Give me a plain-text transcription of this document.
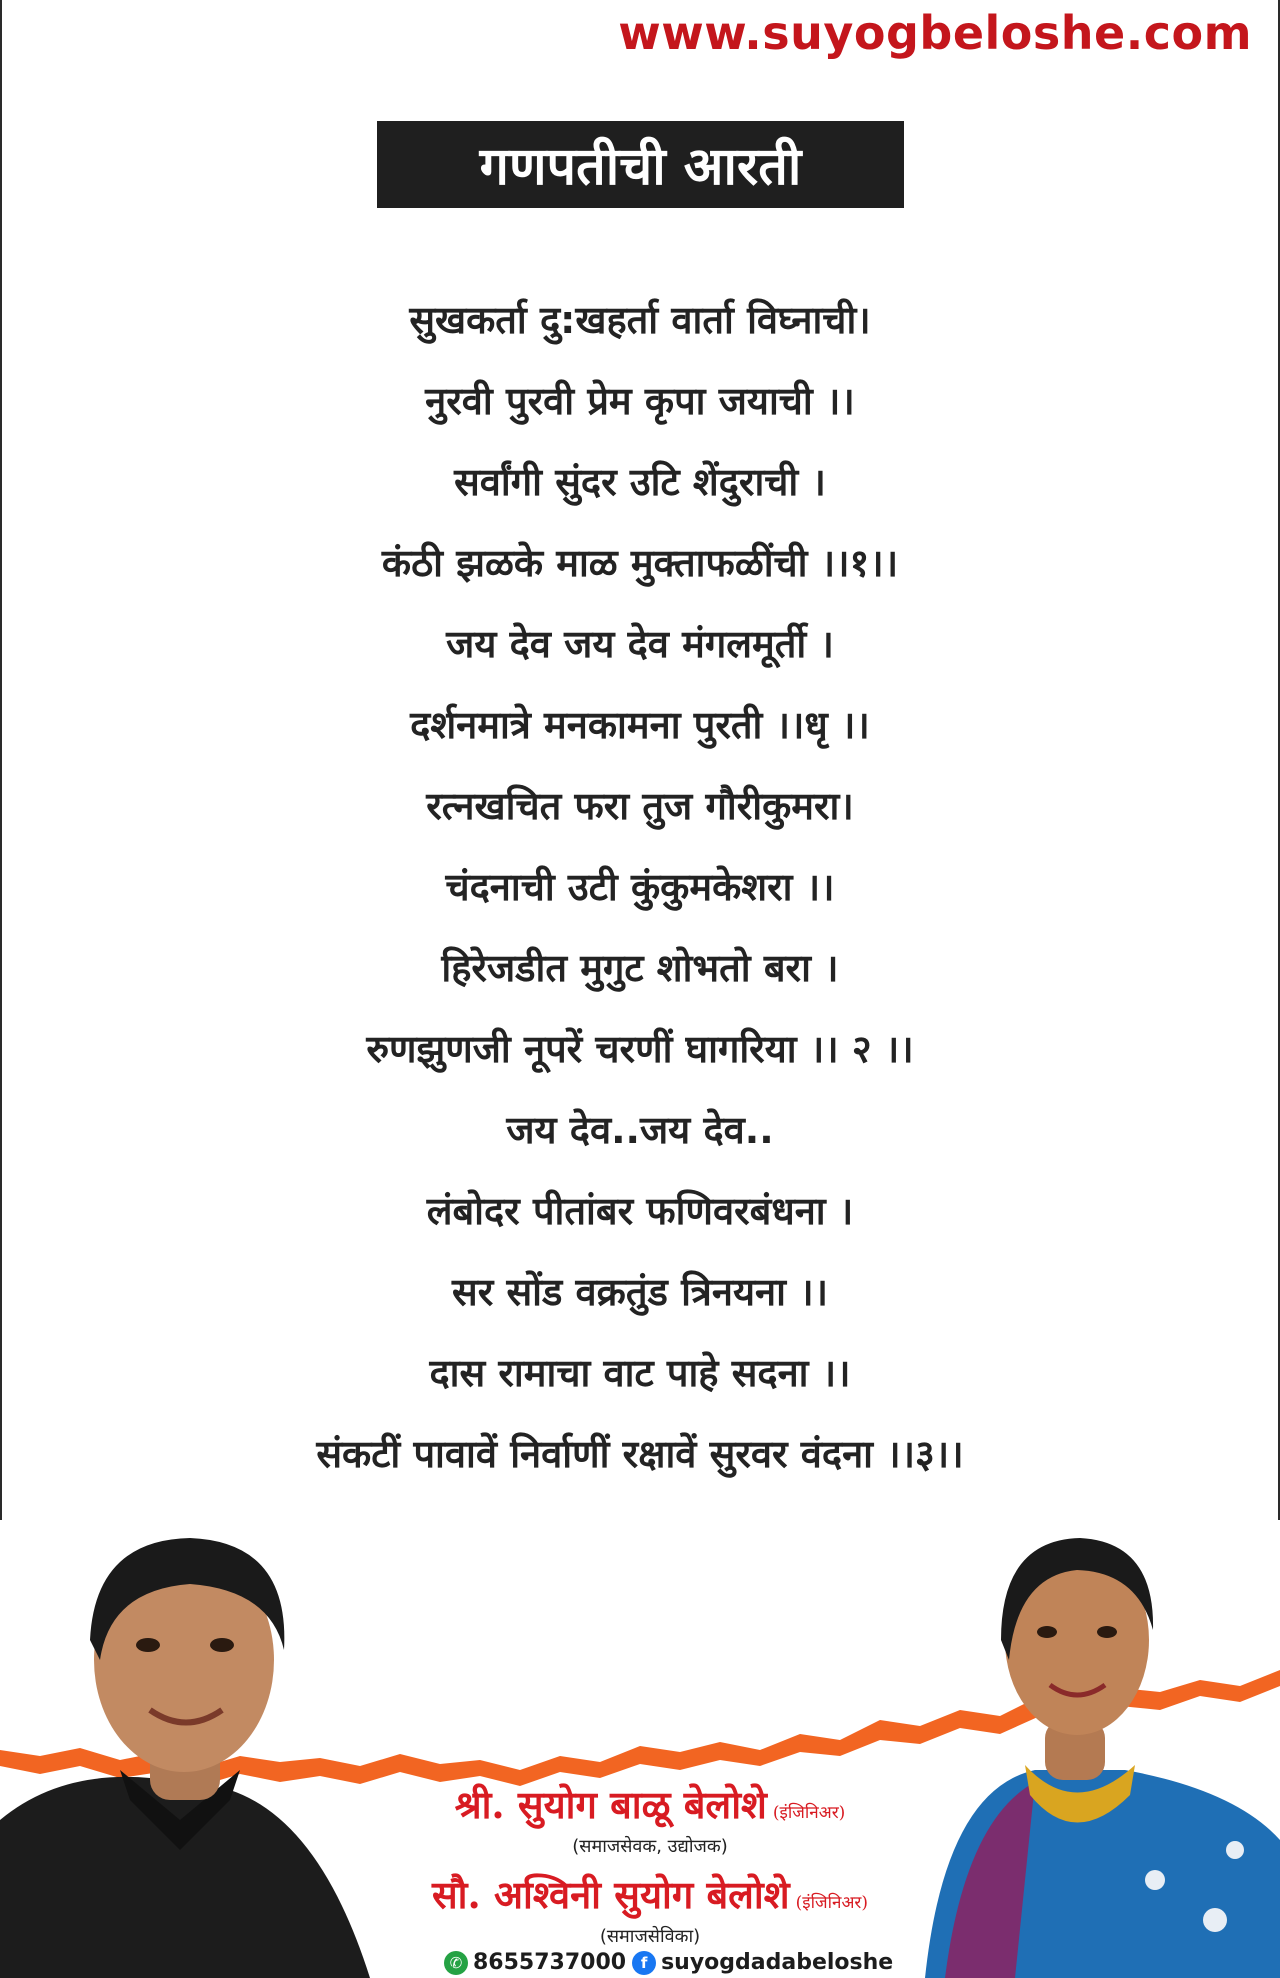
www.suyogbeloshe.com
गणपतीची आरती
सुखकर्ता दु:खहर्ता वार्ता विघ्नाची।
नुरवी पुरवी प्रेम कृपा जयाची ।।
सर्वांगी सुंदर उटि शेंदुराची ।
कंठी झळके माळ मुक्ताफळींची ।।१।।
जय देव जय देव मंगलमूर्ती ।
दर्शनमात्रे मनकामना पुरती ।।धृ ।।
रत्नखचित फरा तुज गौरीकुमरा।
चंदनाची उटी कुंकुमकेशरा ।।
हिरेजडीत मुगुट शोभतो बरा ।
रुणझुणजी नूपरें चरणीं घागरिया ।। २ ।।
जय देव..जय देव..
लंबोदर पीतांबर फणिवरबंधना ।
सर सोंड वक्रतुंड त्रिनयना ।।
दास रामाचा वाट पाहे सदना ।।
संकटीं पावावें निर्वाणीं रक्षावें सुरवर वंदना ।।३।।
श्री. सुयोग बाळू बेलोशे (इंजिनिअर)
(समाजसेवक, उद्योजक)
सौ. अश्विनी सुयोग बेलोशे (इंजिनिअर)
(समाजसेविका)
✆ 8655737000 f suyogdadabeloshe
